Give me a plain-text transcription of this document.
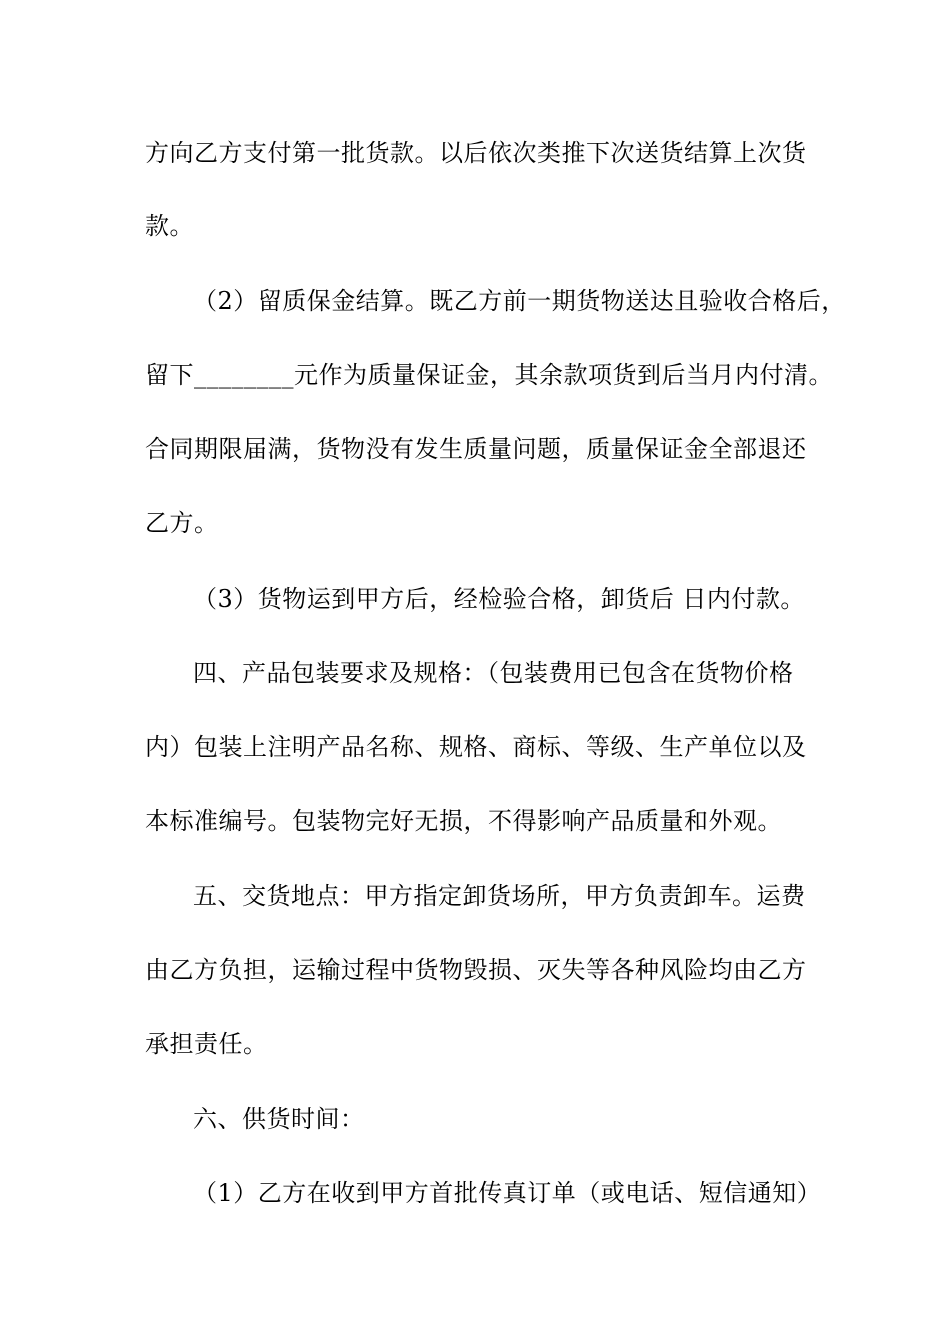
方向乙方支付第一批货款。以后依次类推下次送货结算上次货
款。
（2）留质保金结算。既乙方前一期货物送达且验收合格后，
留下________元作为质量保证金，其余款项货到后当月内付清。
合同期限届满，货物没有发生质量问题，质量保证金全部退还
乙方。
（3）货物运到甲方后，经检验合格，卸货后 日内付款。
四、产品包装要求及规格：（包装费用已包含在货物价格
内）包装上注明产品名称、规格、商标、等级、生产单位以及
本标准编号。包装物完好无损，不得影响产品质量和外观。
五、交货地点：甲方指定卸货场所，甲方负责卸车。运费
由乙方负担，运输过程中货物毁损、灭失等各种风险均由乙方
承担责任。
六、供货时间：
（1）乙方在收到甲方首批传真订单（或电话、短信通知）
